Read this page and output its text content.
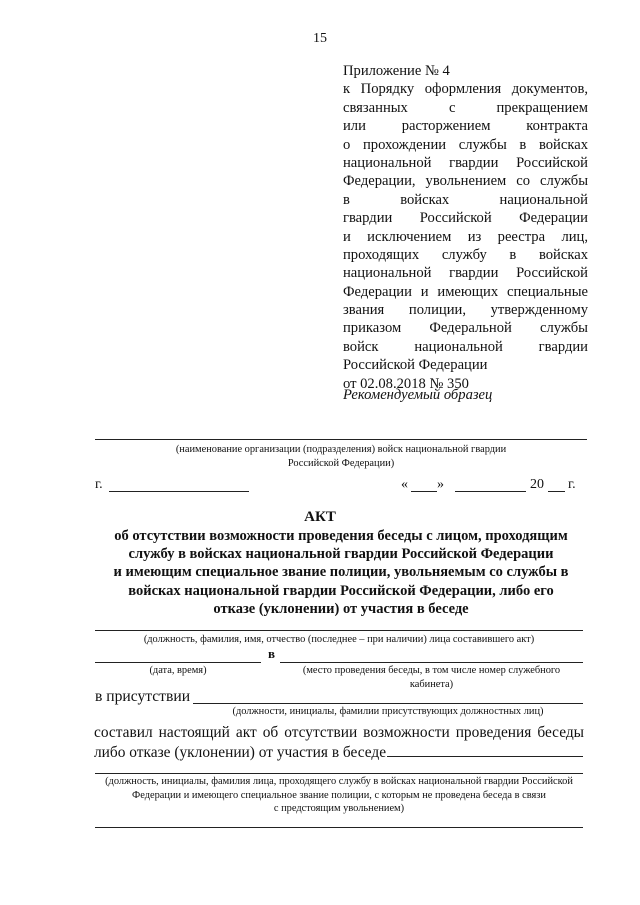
15
Приложение № 4
к Порядку оформления документов,
связанных с прекращением
или расторжением контракта
о прохождении службы в войсках
национальной гвардии Российской
Федерации, увольнением со службы
в войсках национальной
гвардии Российской Федерации
и исключением из реестра лиц,
проходящих службу в войсках
национальной гвардии Российской
Федерации и имеющих специальные
звания полиции, утвержденному
приказом Федеральной службы
войск национальной гвардии
Российской Федерации
от 02.08.2018 № 350
Рекомендуемый образец
(наименование организации (подразделения) войск национальной гвардии
Российской Федерации)
г.	« »	20 г.
АКТ
об отсутствии возможности проведения беседы с лицом, проходящим
службу в войсках национальной гвардии Российской Федерации
и имеющим специальное звание полиции, увольняемым со службы в
войсках национальной гвардии Российской Федерации, либо его
отказе (уклонении) от участия в беседе
(должность, фамилия, имя, отчество (последнее – при наличии) лица составившего акт)
в
(дата, время)	(место проведения беседы, в том числе номер служебного
кабинета)
в присутствии
(должности, инициалы, фамилии присутствующих должностных лиц)
составил настоящий акт об отсутствии возможности проведения беседы
либо отказе (уклонении) от участия в беседе
(должность, инициалы, фамилия лица, проходящего службу в войсках национальной гвардии Российской
Федерации и имеющего специальное звание полиции, с которым не проведена беседа в связи
с предстоящим увольнением)
